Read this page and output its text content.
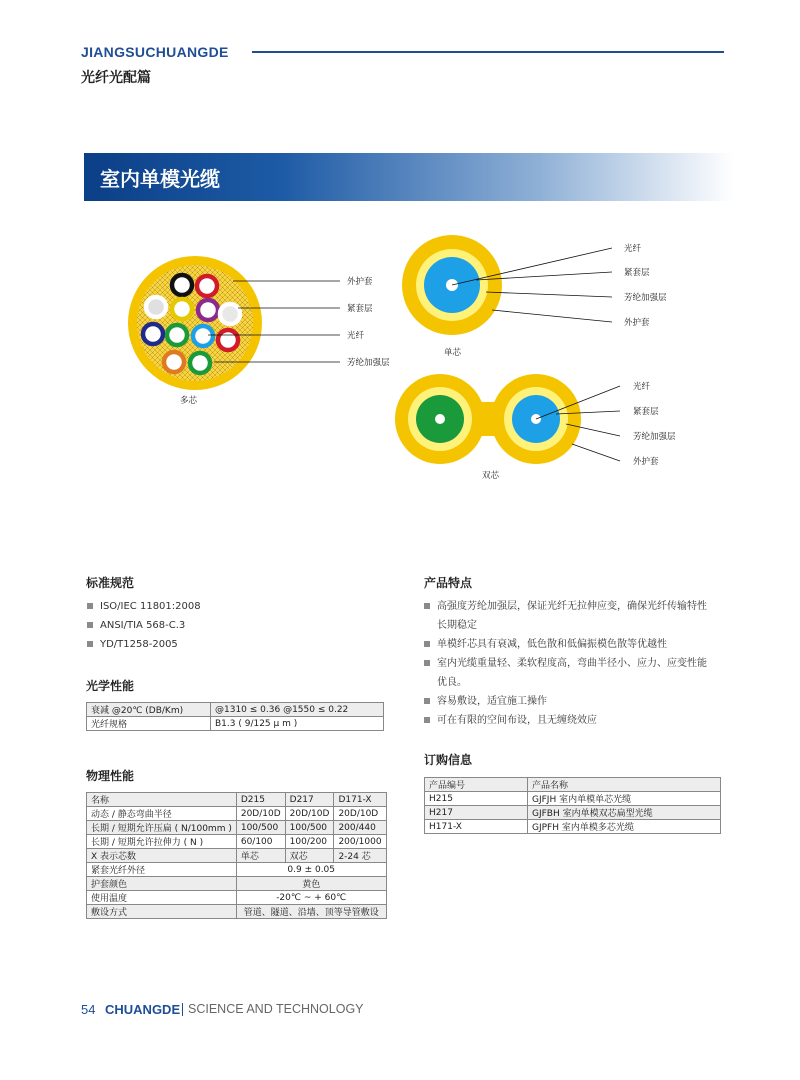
JIANGSUCHUANGDE
光纤光配篇
室内单模光缆
外护套
紧套层
光纤
芳纶加强层
多芯
光纤
紧套层
芳纶加强层
外护套
单芯
光纤
紧套层
芳纶加强层
外护套
双芯
标准规范
ISO/IEC 11801:2008
ANSI/TIA 568-C.3
YD/T1258-2005
光学性能
衰减 @20℃ (DB/Km)	@1310 ≤ 0.36 @1550 ≤ 0.22
光纤规格	B1.3 ( 9/125 μ m )
物理性能
名称	D215	D217	D171-X
动态 / 静态弯曲半径	20D/10D	20D/10D	20D/10D
长期 / 短期允许压扁 ( N/100mm )	100/500	100/500	200/440
长期 / 短期允许拉伸力 ( N )	60/100	100/200	200/1000
X 表示芯数	单芯	双芯	2-24 芯
紧套光纤外径	0.9 ± 0.05		
护套颜色	黄色		
使用温度	-20℃ ~ + 60℃		
敷设方式	管道、隧道、沿墙、顶等导管敷设		
产品特点
高强度芳纶加强层，保证光纤无拉伸应变，确保光纤传输特性
长期稳定
单模纤芯具有衰减，低色散和低偏振模色散等优越性
室内光缆重量轻、柔软程度高，弯曲半径小、应力、应变性能
优良。
容易敷设，适宜施工操作
可在有限的空间布设，且无缠绕效应
订购信息
产品编号	产品名称
H215	GJFJH 室内单模单芯光缆
H217	GJFBH 室内单模双芯扁型光缆
H171-X	GJPFH 室内单模多芯光缆
54 CHUANGDE SCIENCE AND TECHNOLOGY
